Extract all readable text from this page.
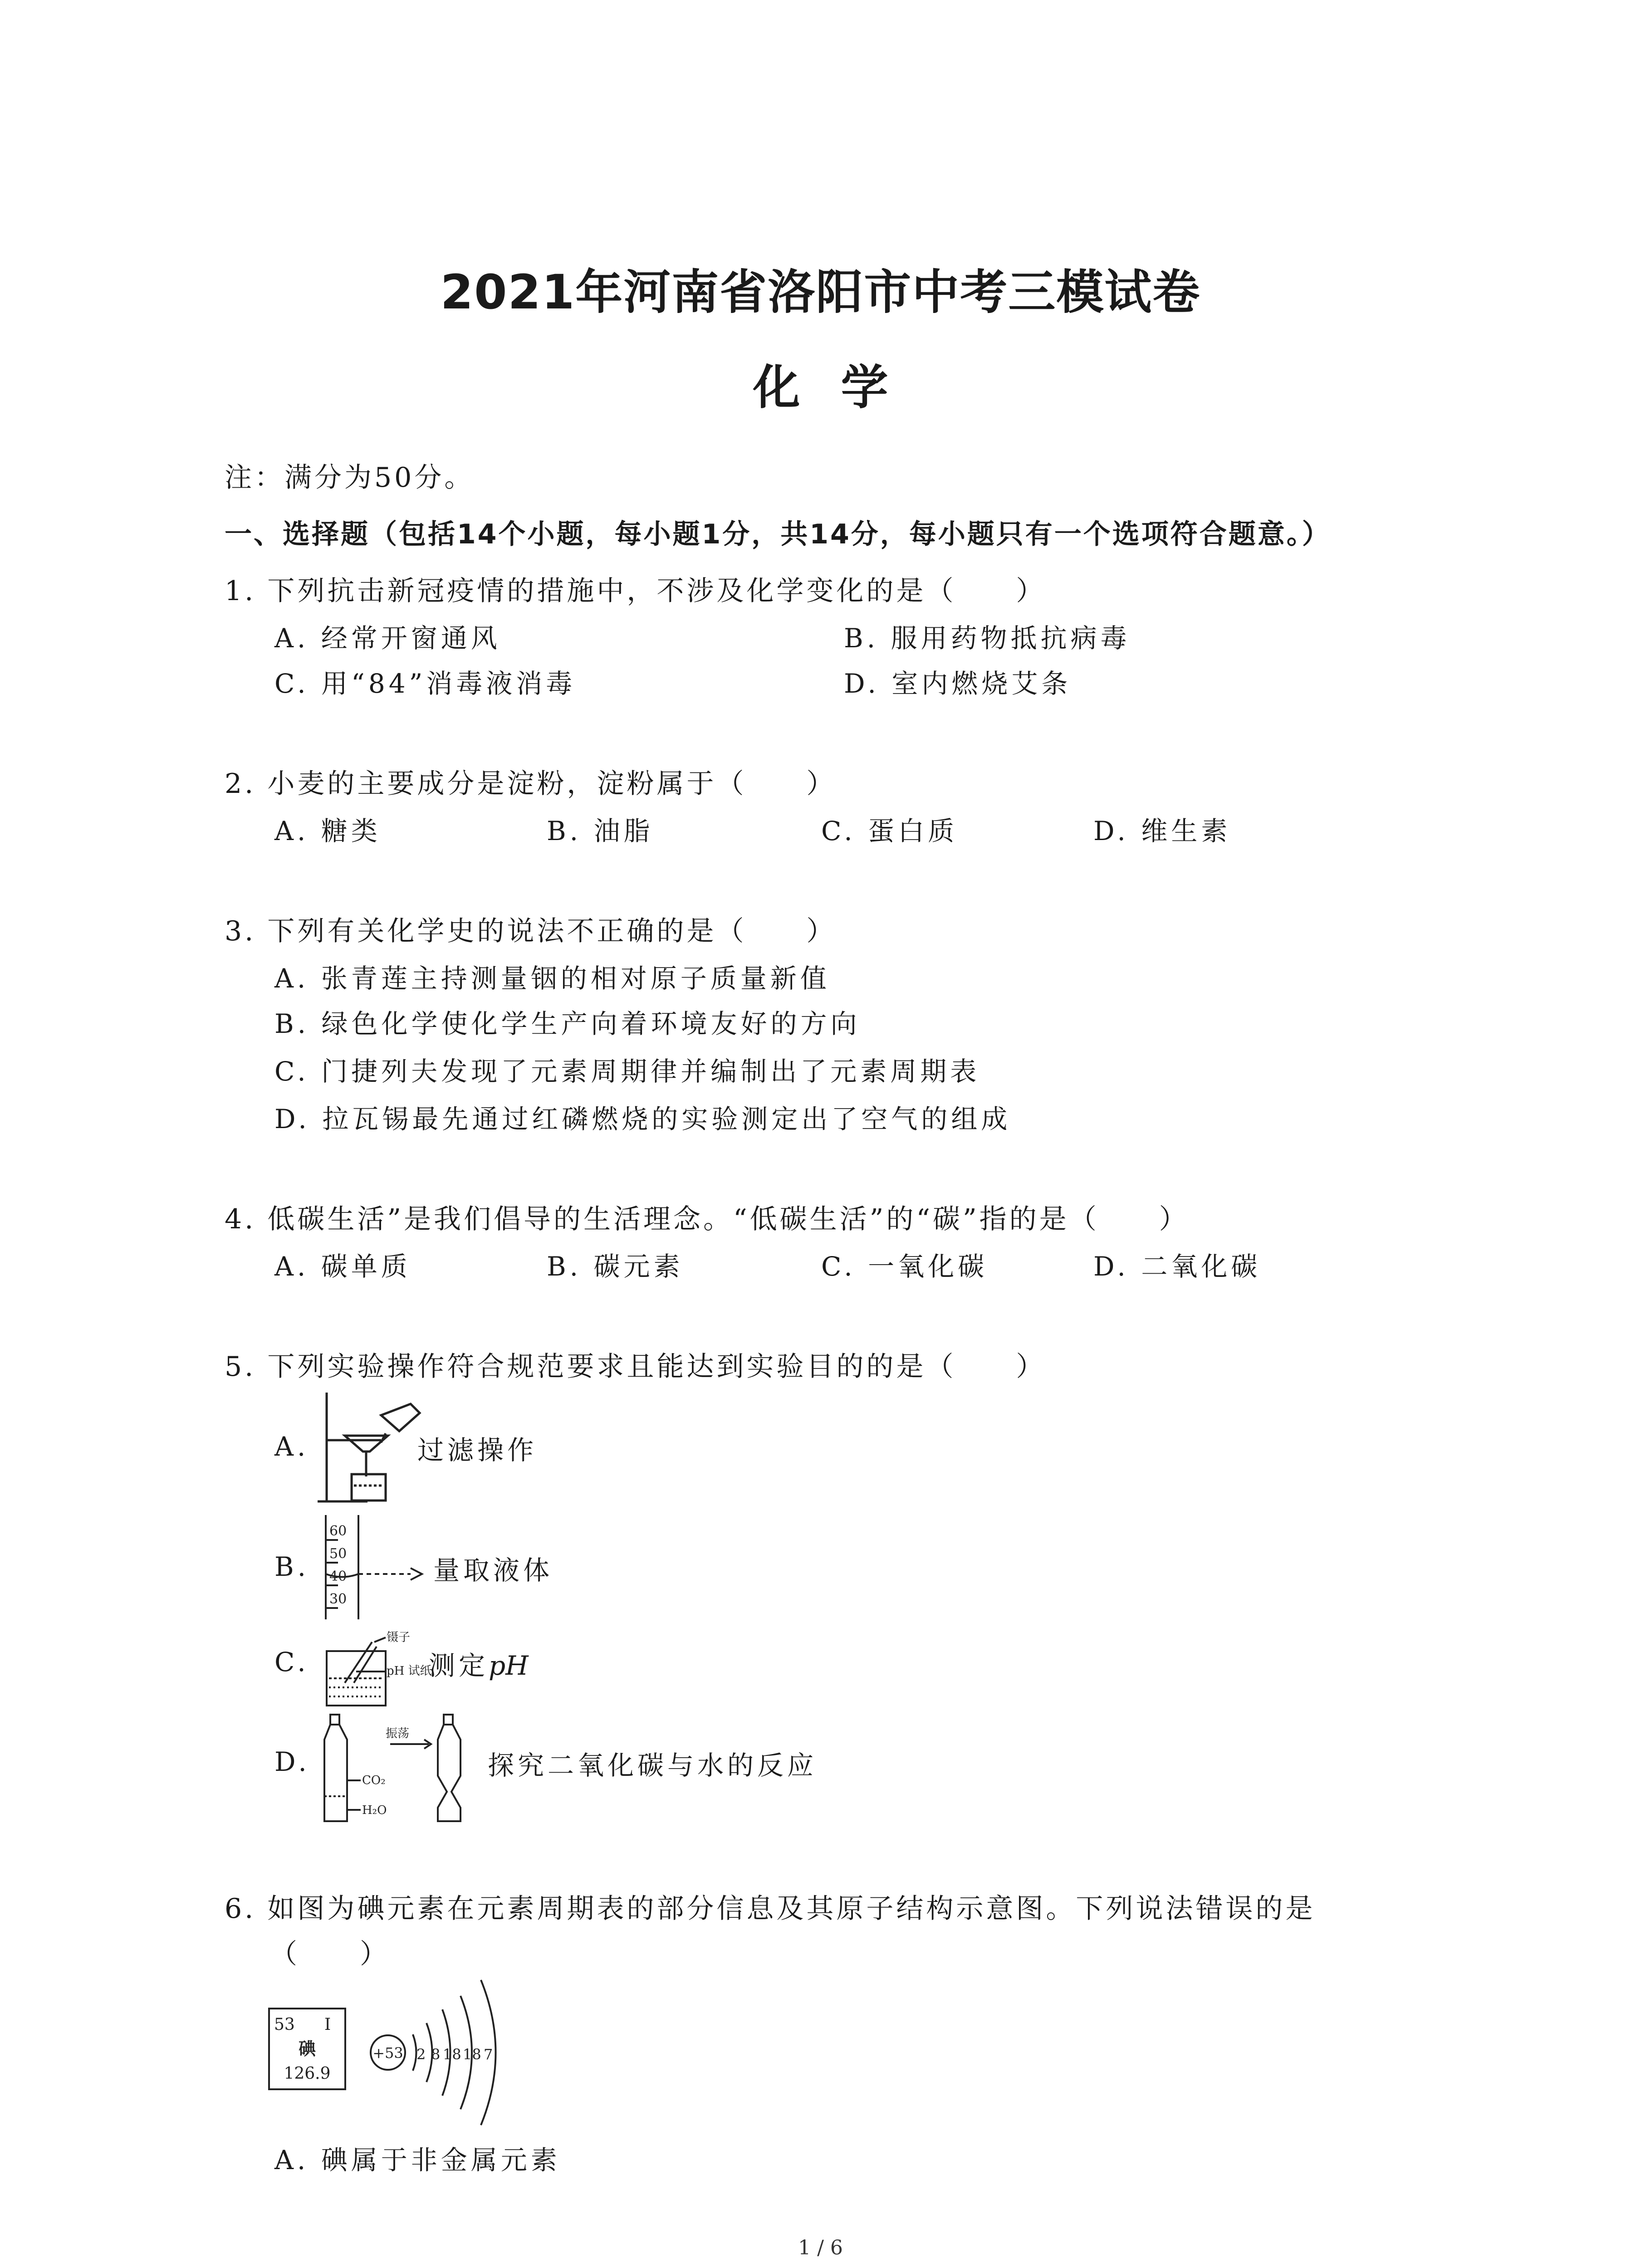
2021年河南省洛阳市中考三模试卷
化学
注：满分为50分。
一、选择题（包括14个小题，每小题1分，共14分，每小题只有一个选项符合题意。）
1. 下列抗击新冠疫情的措施中，不涉及化学变化的是（　　）
A. 经常开窗通风	B. 服用药物抵抗病毒
C. 用“84”消毒液消毒	D. 室内燃烧艾条
2. 小麦的主要成分是淀粉，淀粉属于（　　）
A. 糖类	B. 油脂	C. 蛋白质	D. 维生素
3. 下列有关化学史的说法不正确的是（　　）
A. 张青莲主持测量铟的相对原子质量新值
B. 绿色化学使化学生产向着环境友好的方向
C. 门捷列夫发现了元素周期律并编制出了元素周期表
D. 拉瓦锡最先通过红磷燃烧的实验测定出了空气的组成
4. 低碳生活”是我们倡导的生活理念。“低碳生活”的“碳”指的是（　　）
A. 碳单质	B. 碳元素	C. 一氧化碳	D. 二氧化碳
5. 下列实验操作符合规范要求且能达到实验目的的是（　　）
A.	过滤操作
B.
60
50
40
30
量取液体
C.
镊子
pH 试纸
测定pH
D.
振荡
CO₂
H₂O
探究二氧化碳与水的反应
6. 如图为碘元素在元素周期表的部分信息及其原子结构示意图。下列说法错误的是
（　　）
53 I
碘
126.9
+53 2 8 18 18 7
A. 碘属于非金属元素
1 / 6
